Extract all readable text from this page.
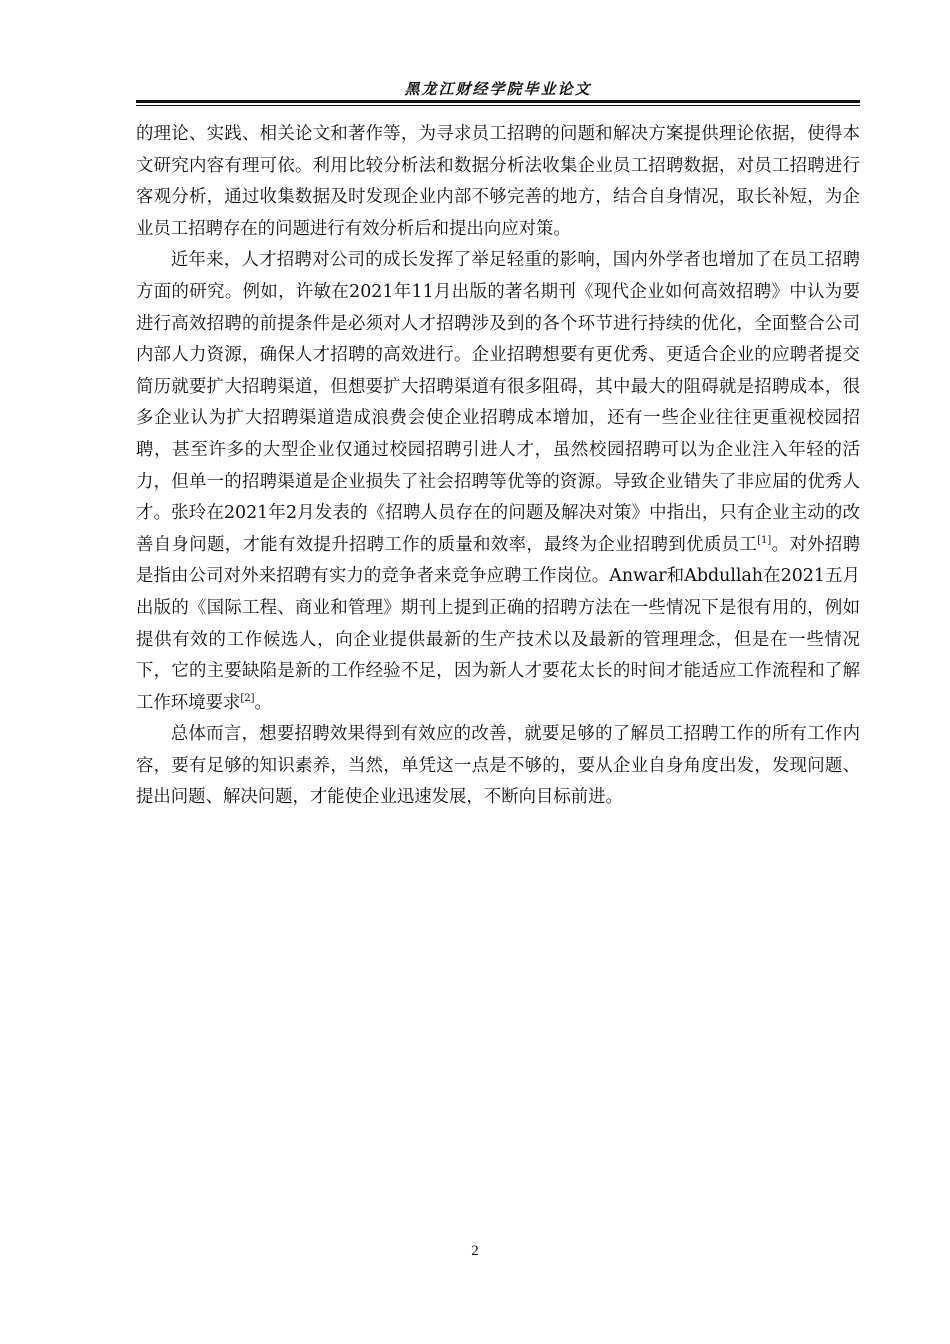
黑龙江财经学院毕业论文

的理论、实践、相关论文和著作等，为寻求员工招聘的问题和解决方案提供理论依据，使得本文研究内容有理可依。利用比较分析法和数据分析法收集企业员工招聘数据，对员工招聘进行客观分析，通过收集数据及时发现企业内部不够完善的地方，结合自身情况，取长补短，为企业员工招聘存在的问题进行有效分析后和提出向应对策。

近年来，人才招聘对公司的成长发挥了举足轻重的影响，国内外学者也增加了在员工招聘方面的研究。例如，许敏在2021年11月出版的著名期刊《现代企业如何高效招聘》中认为要进行高效招聘的前提条件是必须对人才招聘涉及到的各个环节进行持续的优化，全面整合公司内部人力资源，确保人才招聘的高效进行。企业招聘想要有更优秀、更适合企业的应聘者提交简历就要扩大招聘渠道，但想要扩大招聘渠道有很多阻碍，其中最大的阻碍就是招聘成本，很多企业认为扩大招聘渠道造成浪费会使企业招聘成本增加，还有一些企业往往更重视校园招聘，甚至许多的大型企业仅通过校园招聘引进人才，虽然校园招聘可以为企业注入年轻的活力，但单一的招聘渠道是企业损失了社会招聘等优等的资源。导致企业错失了非应届的优秀人才。张玲在2021年2月发表的《招聘人员存在的问题及解决对策》中指出，只有企业主动的改善自身问题，才能有效提升招聘工作的质量和效率，最终为企业招聘到优质员工[1]。对外招聘是指由公司对外来招聘有实力的竞争者来竞争应聘工作岗位。Anwar和Abdullah在2021五月出版的《国际工程、商业和管理》期刊上提到正确的招聘方法在一些情况下是很有用的，例如提供有效的工作候选人，向企业提供最新的生产技术以及最新的管理理念，但是在一些情况下，它的主要缺陷是新的工作经验不足，因为新人才要花太长的时间才能适应工作流程和了解工作环境要求[2]。

总体而言，想要招聘效果得到有效应的改善，就要足够的了解员工招聘工作的所有工作内容，要有足够的知识素养，当然，单凭这一点是不够的，要从企业自身角度出发，发现问题、提出问题、解决问题，才能使企业迅速发展，不断向目标前进。

2
